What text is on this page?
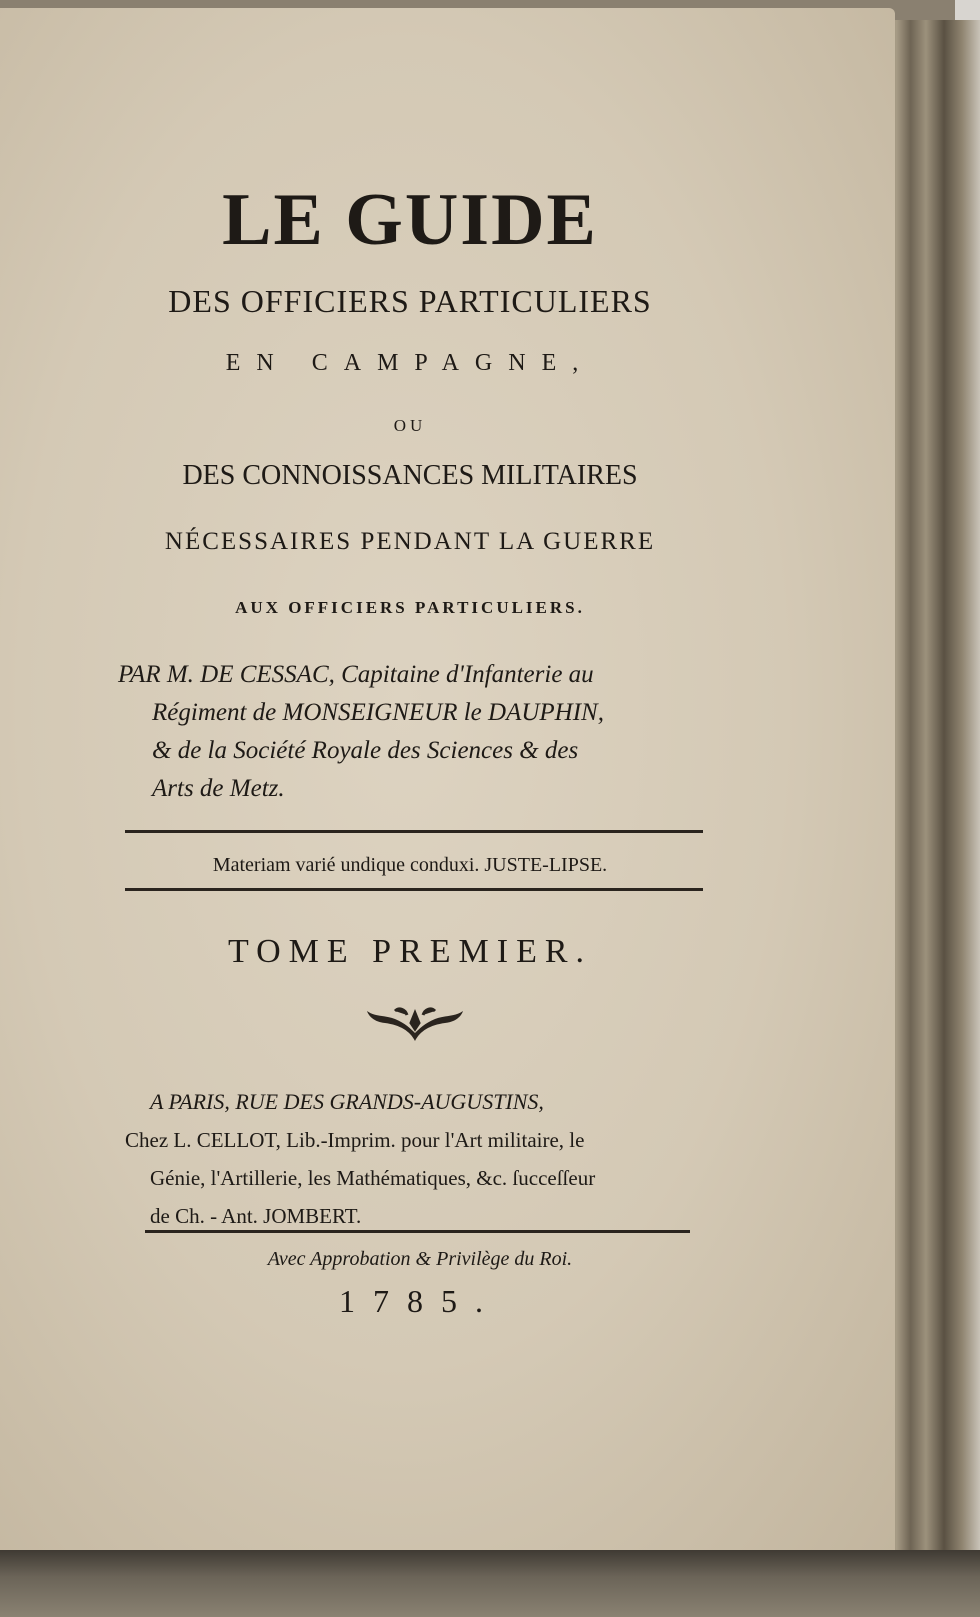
LE GUIDE
DES OFFICIERS PARTICULIERS
EN CAMPAGNE,
OU
DES CONNOISSANCES MILITAIRES
NÉCESSAIRES PENDANT LA GUERRE
AUX OFFICIERS PARTICULIERS.
PAR M. DE CESSAC, Capitaine d'Infanterie au
Régiment de MONSEIGNEUR le DAUPHIN,
& de la Société Royale des Sciences & des
Arts de Metz.
Materiam varié undique conduxi. JUSTE-LIPSE.
TOME PREMIER.
A PARIS, RUE DES GRANDS-AUGUSTINS,
Chez L. CELLOT, Lib.-Imprim. pour l'Art militaire, le
Génie, l'Artillerie, les Mathématiques, &c. ſucceſſeur
de Ch. - Ant. JOMBERT.
Avec Approbation & Privilège du Roi.
1785.
